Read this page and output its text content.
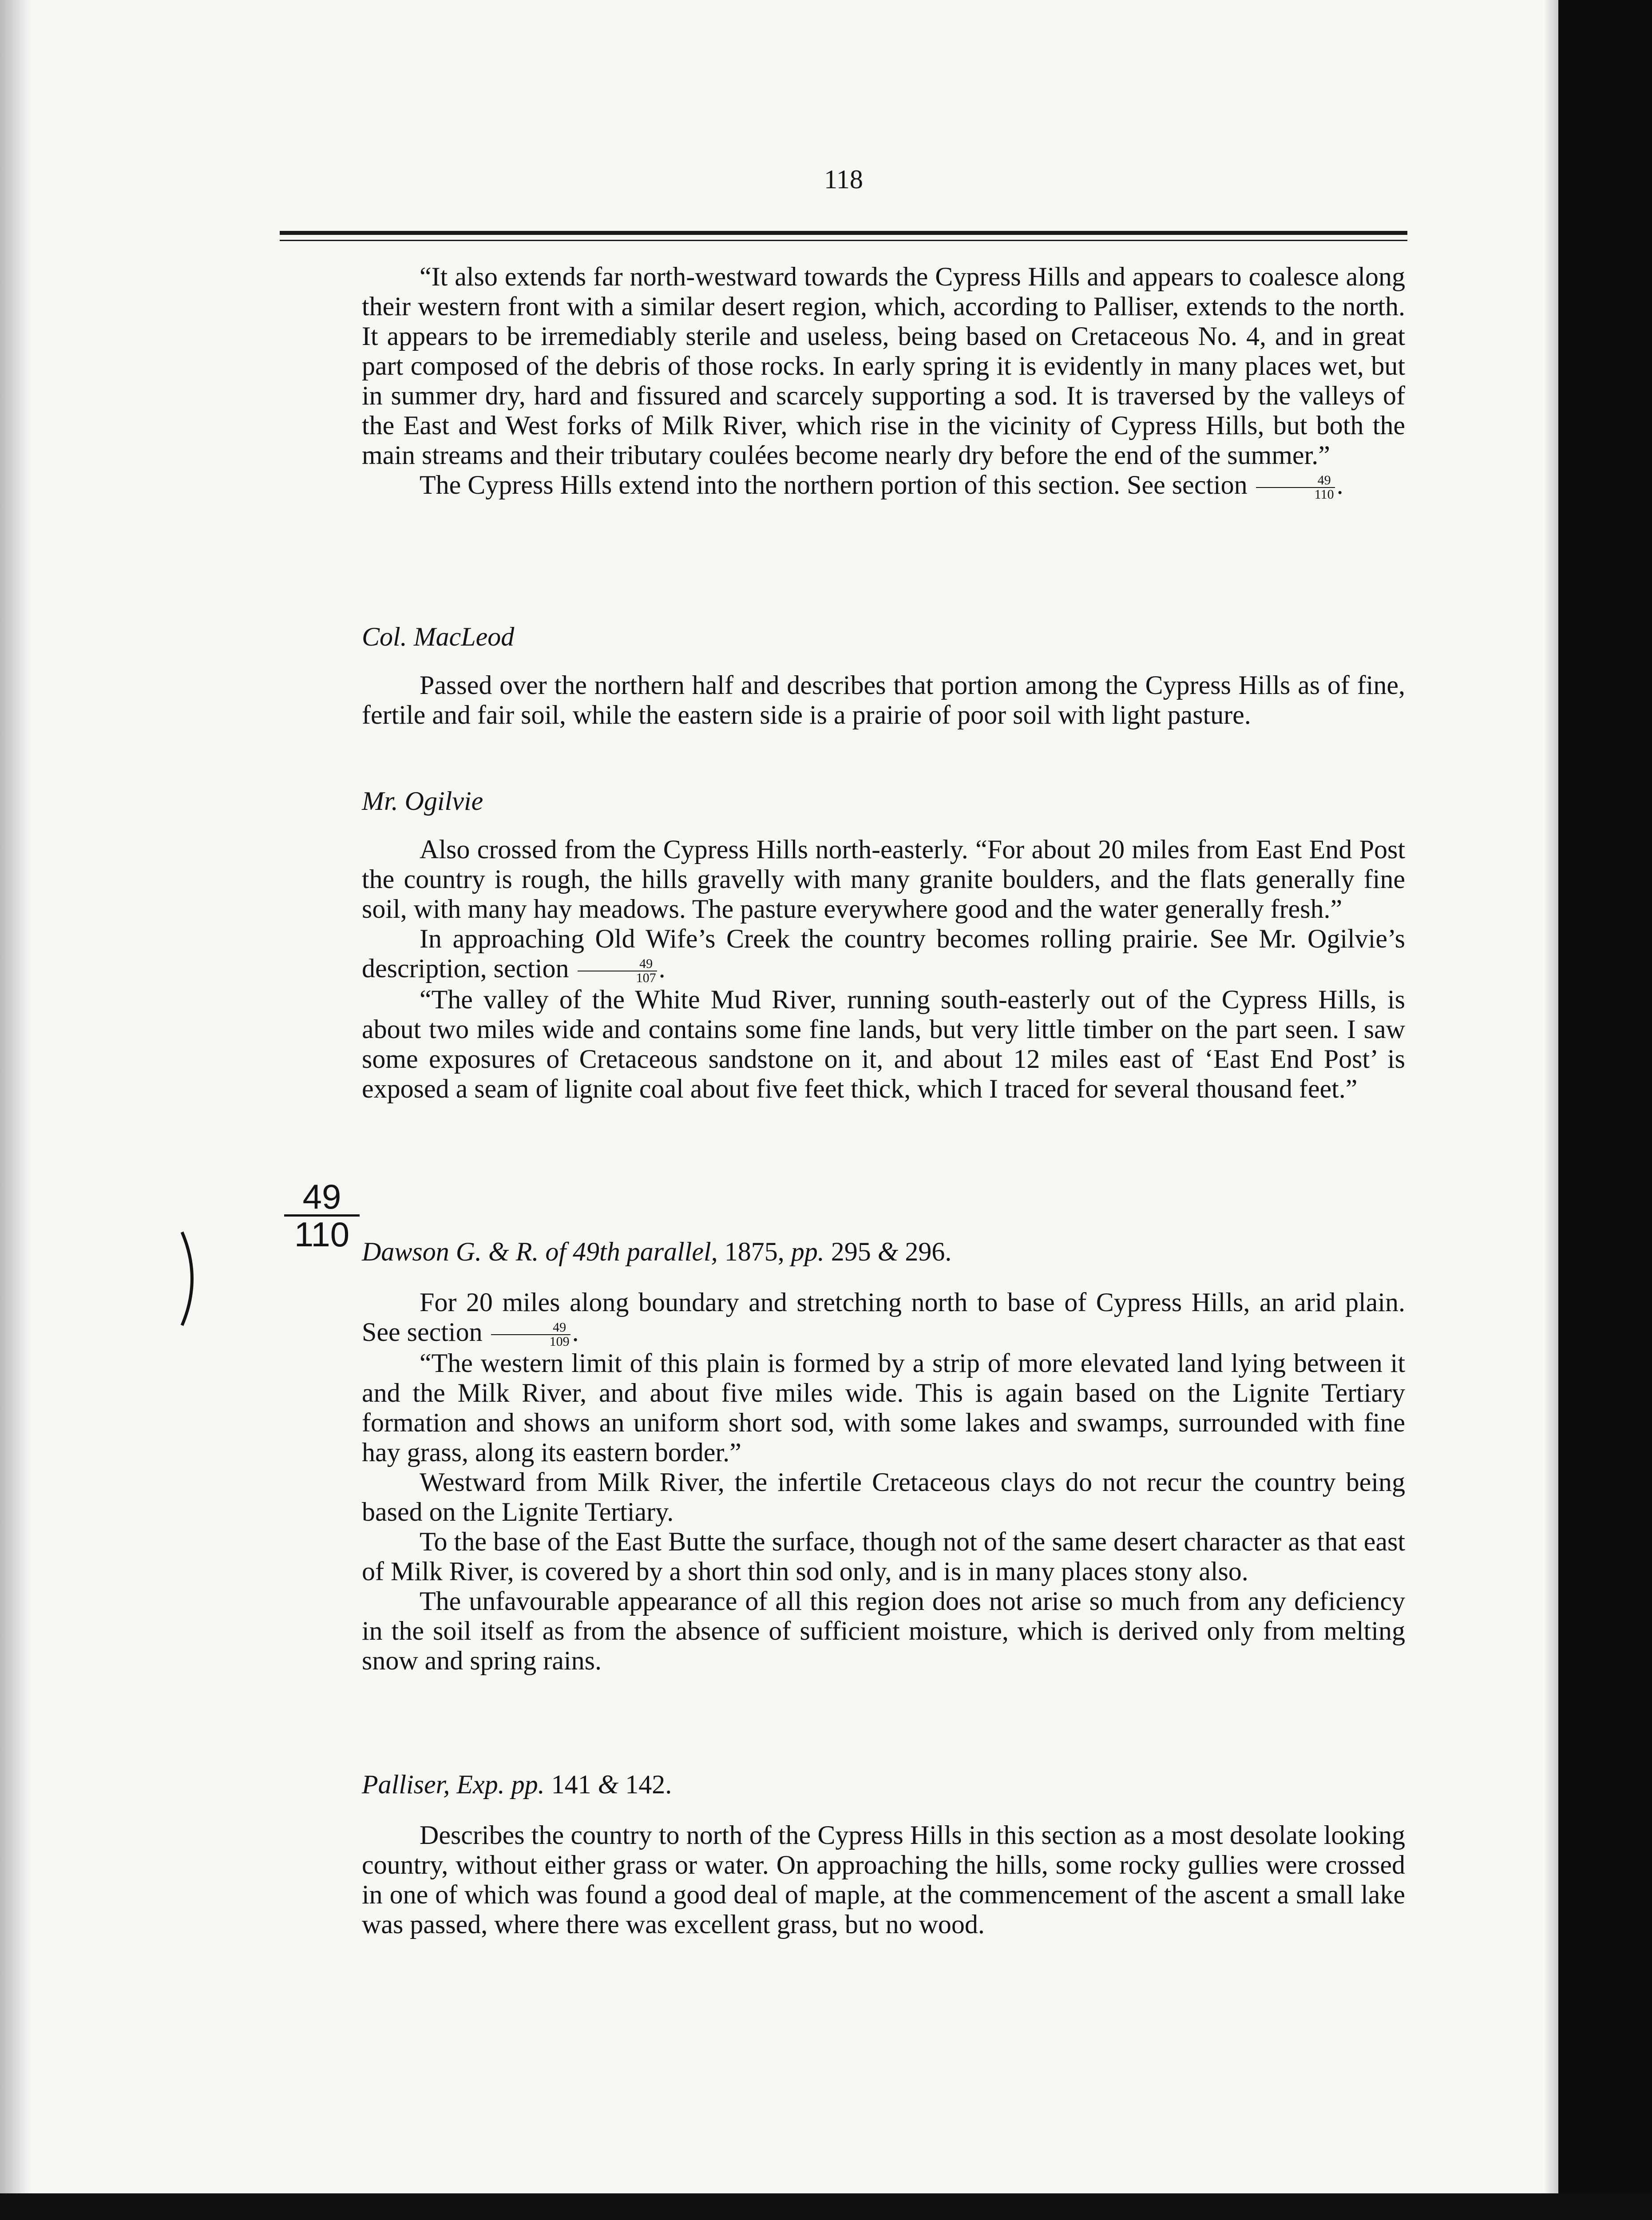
118

“It also extends far north-westward towards the Cypress Hills and appears to coalesce along their western front with a similar desert region, which, according to Palliser, extends to the north. It appears to be irremediably sterile and useless, being based on Cretaceous No. 4, and in great part composed of the debris of those rocks. In early spring it is evidently in many places wet, but in summer dry, hard and fissured and scarcely supporting a sod. It is traversed by the valleys of the East and West forks of Milk River, which rise in the vicinity of Cypress Hills, but both the main streams and their tributary coulées become nearly dry before the end of the summer.”

The Cypress Hills extend into the northern portion of this section. See section $\frac{49}{110}$ .

Col. MacLeod

Passed over the northern half and describes that portion among the Cypress Hills as of fine, fertile and fair soil, while the eastern side is a prairie of poor soil with light pasture.

Mr. Ogilvie

Also crossed from the Cypress Hills north-easterly. “For about 20 miles from East End Post the country is rough, the hills gravelly with many granite boulders, and the flats generally fine soil, with many hay meadows. The pasture everywhere good and the water generally fresh.”

In approaching Old Wife’s Creek the country becomes rolling prairie. See Mr. Ogilvie’s description, section $\frac{49}{107}$ .

“The valley of the White Mud River, running south-easterly out of the Cypress Hills, is about two miles wide and contains some fine lands, but very little timber on the part seen. I saw some exposures of Cretaceous sandstone on it, and about 12 miles east of ‘East End Post’ is exposed a seam of lignite coal about five feet thick, which I traced for several thousand feet.”

49
110 Dawson G. & R. of 49th parallel, 1875, pp. 295 & 296.

For 20 miles along boundary and stretching north to base of Cypress Hills, an arid plain. See section $\frac{49}{109}$ .

“The western limit of this plain is formed by a strip of more elevated land lying between it and the Milk River, and about five miles wide. This is again based on the Lignite Tertiary formation and shows an uniform short sod, with some lakes and swamps, surrounded with fine hay grass, along its eastern border.”

Westward from Milk River, the infertile Cretaceous clays do not recur the country being based on the Lignite Tertiary.

To the base of the East Butte the surface, though not of the same desert character as that east of Milk River, is covered by a short thin sod only, and is in many places stony also.

The unfavourable appearance of all this region does not arise so much from any deficiency in the soil itself as from the absence of sufficient moisture, which is derived only from melting snow and spring rains.

Palliser, Exp. pp. 141 & 142.

Describes the country to north of the Cypress Hills in this section as a most desolate looking country, without either grass or water. On approaching the hills, some rocky gullies were crossed in one of which was found a good deal of maple, at the commencement of the ascent a small lake was passed, where there was excellent grass, but no wood.
